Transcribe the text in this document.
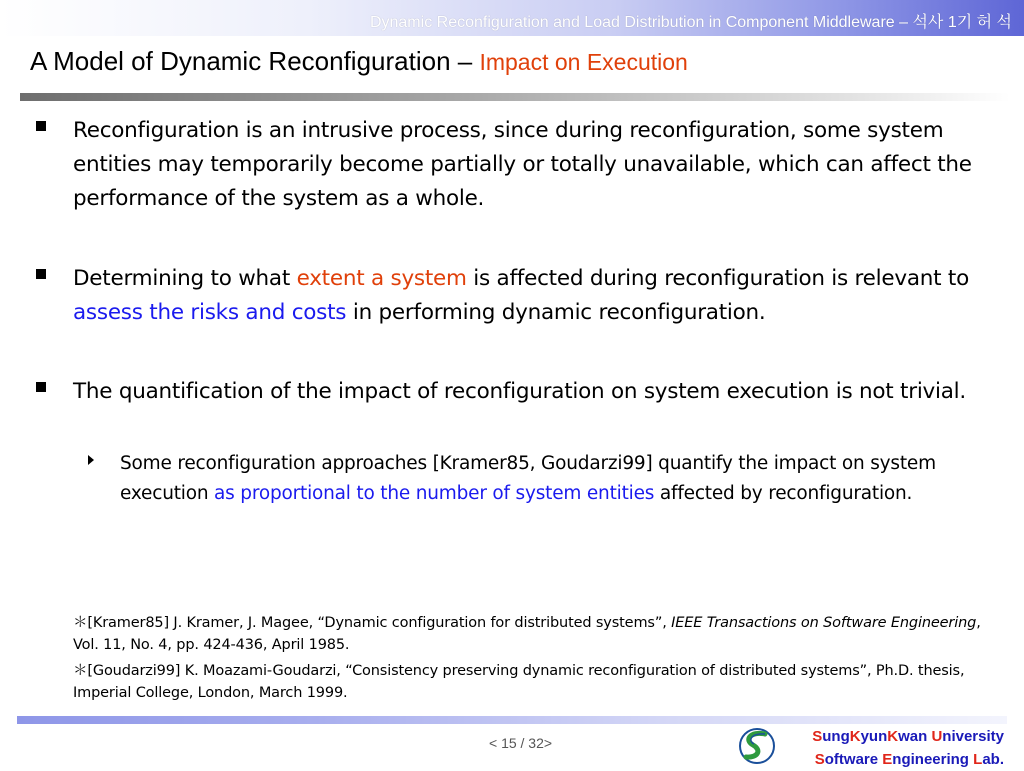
Dynamic Reconfiguration and Load Distribution in Component Middleware – 석사 1기 허 석
A Model of Dynamic Reconfiguration – Impact on Execution
Reconfiguration is an intrusive process, since during reconfiguration, some system entities may temporarily become partially or totally unavailable, which can affect the performance of the system as a whole.
Determining to what extent a system is affected during reconfiguration is relevant to assess the risks and costs in performing dynamic reconfiguration.
The quantification of the impact of reconfiguration on system execution is not trivial.
Some reconfiguration approaches [Kramer85, Goudarzi99] quantify the impact on system execution as proportional to the number of system entities affected by reconfiguration.
＊[Kramer85] J. Kramer, J. Magee, “Dynamic configuration for distributed systems”, IEEE Transactions on Software Engineering, Vol. 11, No. 4, pp. 424-436, April 1985.
＊[Goudarzi99] K. Moazami-Goudarzi, “Consistency preserving dynamic reconfiguration of distributed systems”, Ph.D. thesis, Imperial College, London, March 1999.
< 15 / 32>	SungKyunKwan University
Software Engineering Lab.
